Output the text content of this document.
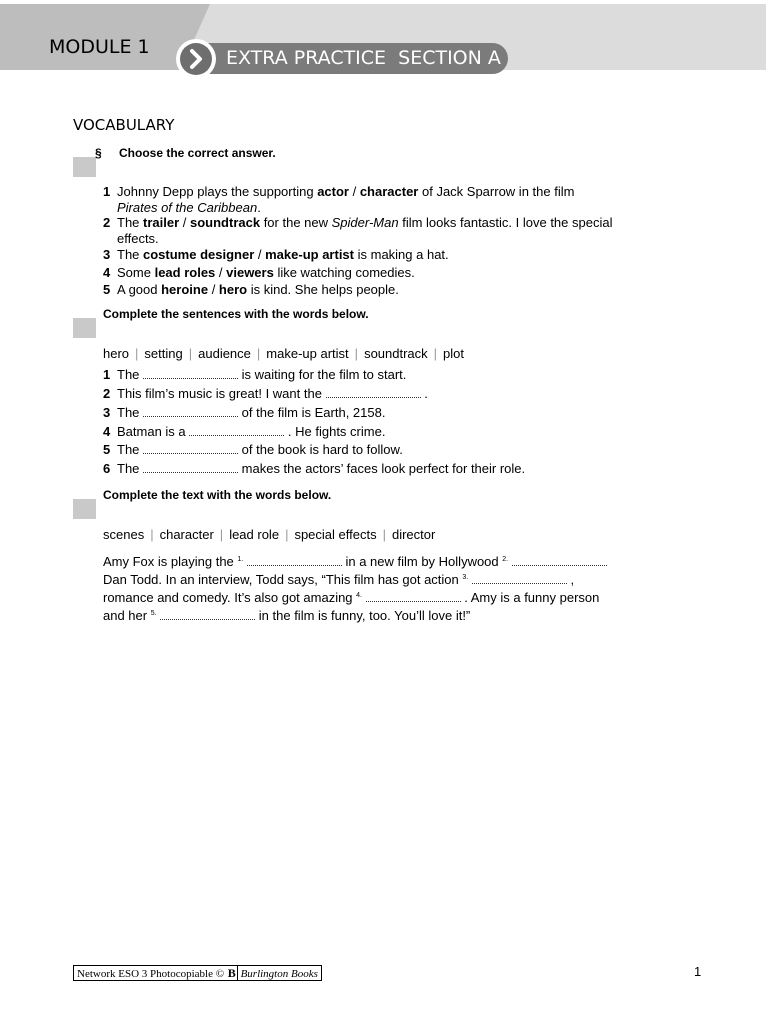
MODULE 1	EXTRA PRACTICE  SECTION A
VOCABULARY
§ Choose the correct answer.
1 Johnny Depp plays the supporting actor / character of Jack Sparrow in the film Pirates of the Caribbean.
2 The trailer / soundtrack for the new Spider-Man film looks fantastic. I love the special effects.
3 The costume designer / make-up artist is making a hat.
4 Some lead roles / viewers like watching comedies.
5 A good heroine / hero is kind. She helps people.
Complete the sentences with the words below.
hero | setting | audience | make-up artist | soundtrack | plot
1 The	is waiting for the film to start.
2 This film’s music is great! I want the	.
3 The	of the film is Earth, 2158.
4 Batman is a	. He fights crime.
5 The	of the book is hard to follow.
6 The	makes the actors’ faces look perfect for their role.
Complete the text with the words below.
scenes | character | lead role | special effects | director
Amy Fox is playing the $^{1.}$	in a new film by Hollywood $^{2.}$
Dan Todd. In an interview, Todd says, “This film has got action $^{3.}$	,
romance and comedy. It’s also got amazing $^{4.}$	. Amy is a funny person
and her $^{5.}$	in the film is funny, too. You’ll love it!”
Network ESO 3 Photocopiable © B Burlington Books	1
